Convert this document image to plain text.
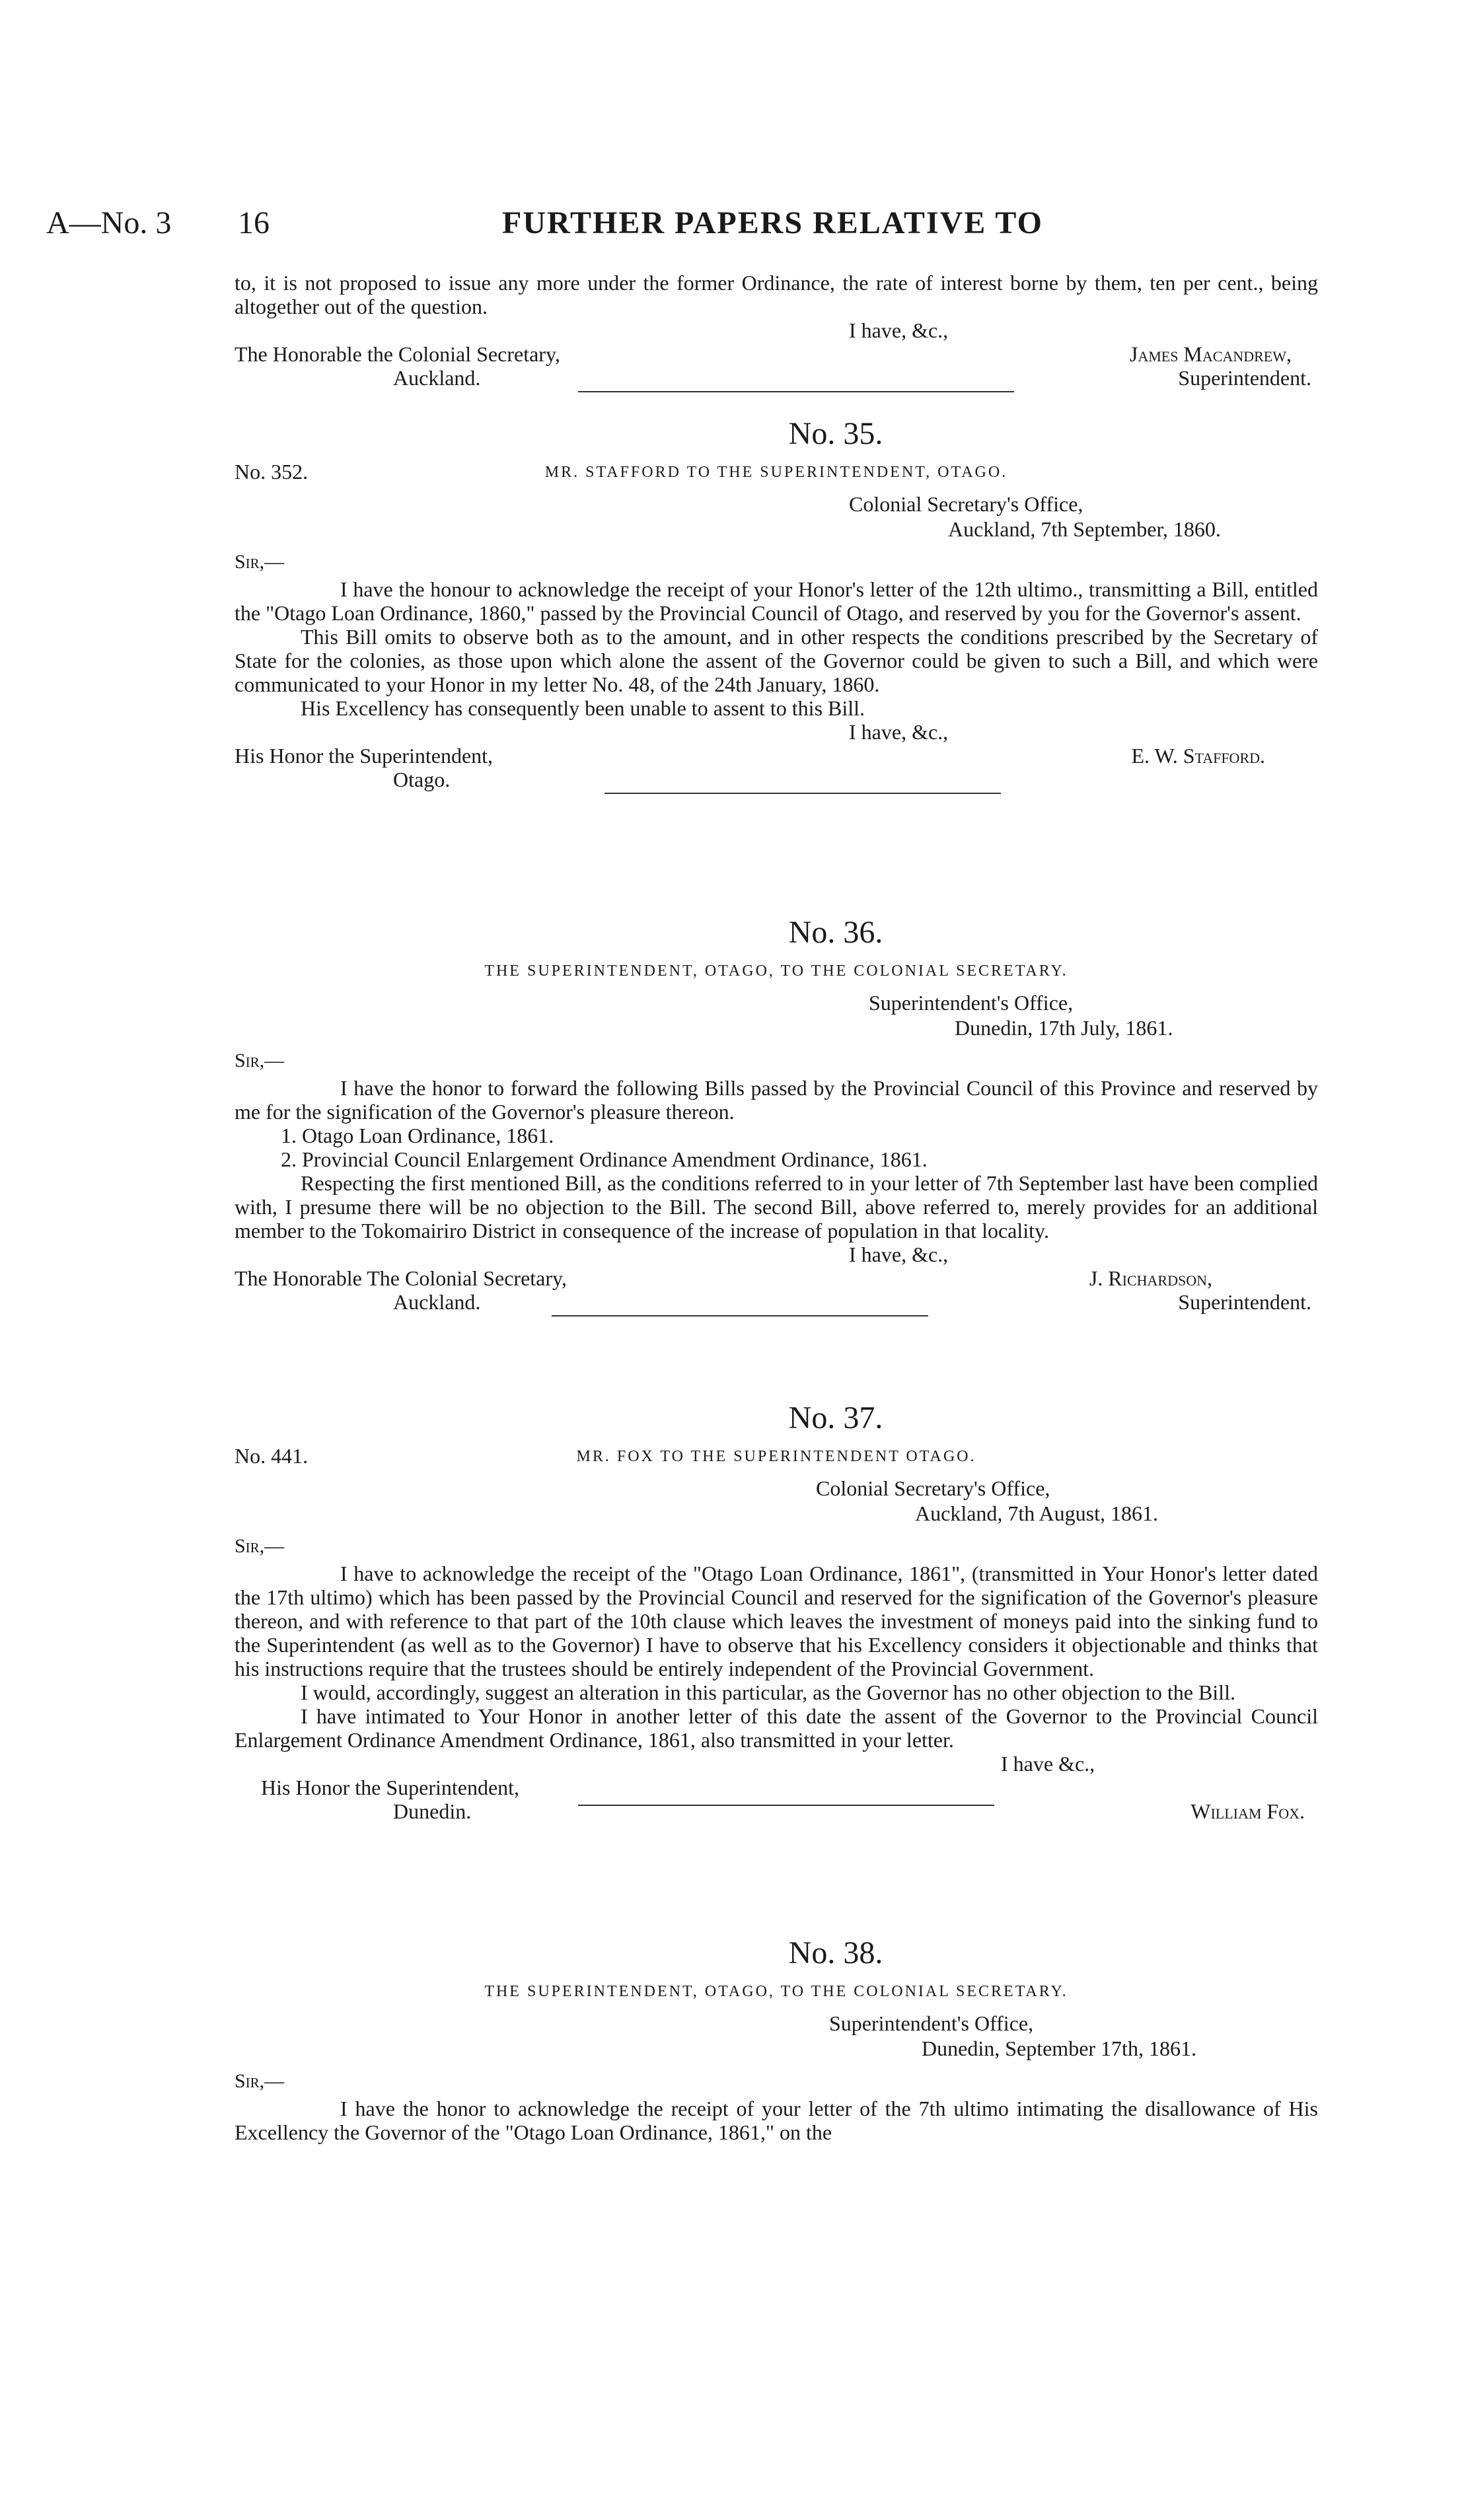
A—No. 3 16	FURTHER PAPERS RELATIVE TO

to, it is not proposed to issue any more under the former Ordinance, the rate of interest borne by them, ten per cent., being altogether out of the question.

I have, &c.,
The Honorable the Colonial Secretary,
Auckland.
James Macandrew,
Superintendent.
No. 35.
No. 352.	MR. STAFFORD TO THE SUPERINTENDENT, OTAGO.
Colonial Secretary's Office,
Auckland, 7th September, 1860.
Sir,—

I have the honour to acknowledge the receipt of your Honor's letter of the 12th ultimo., transmitting a Bill, entitled the "Otago Loan Ordinance, 1860," passed by the Provincial Council of Otago, and reserved by you for the Governor's assent.

This Bill omits to observe both as to the amount, and in other respects the conditions prescribed by the Secretary of State for the colonies, as those upon which alone the assent of the Governor could be given to such a Bill, and which were communicated to your Honor in my letter No. 48, of the 24th January, 1860.

His Excellency has consequently been unable to assent to this Bill.

I have, &c.,
His Honor the Superintendent,
Otago.
E. W. Stafford.
No. 36.
THE SUPERINTENDENT, OTAGO, TO THE COLONIAL SECRETARY.
Superintendent's Office,
Dunedin, 17th July, 1861.
Sir,—

I have the honor to forward the following Bills passed by the Provincial Council of this Province and reserved by me for the signification of the Governor's pleasure thereon.

1. Otago Loan Ordinance, 1861.
2. Provincial Council Enlargement Ordinance Amendment Ordinance, 1861.

Respecting the first mentioned Bill, as the conditions referred to in your letter of 7th September last have been complied with, I presume there will be no objection to the Bill. The second Bill, above referred to, merely provides for an additional member to the Tokomairiro District in consequence of the increase of population in that locality.

I have, &c.,
The Honorable The Colonial Secretary,
Auckland.
J. Richardson,
Superintendent.
No. 37.
No. 441.	MR. FOX TO THE SUPERINTENDENT OTAGO.
Colonial Secretary's Office,
Auckland, 7th August, 1861.
Sir,—

I have to acknowledge the receipt of the "Otago Loan Ordinance, 1861", (transmitted in Your Honor's letter dated the 17th ultimo) which has been passed by the Provincial Council and reserved for the signification of the Governor's pleasure thereon, and with reference to that part of the 10th clause which leaves the investment of moneys paid into the sinking fund to the Superintendent (as well as to the Governor) I have to observe that his Excellency considers it objectionable and thinks that his instructions require that the trustees should be entirely independent of the Provincial Government.

I would, accordingly, suggest an alteration in this particular, as the Governor has no other objection to the Bill.

I have intimated to Your Honor in another letter of this date the assent of the Governor to the Provincial Council Enlargement Ordinance Amendment Ordinance, 1861, also transmitted in your letter.

I have &c.,
His Honor the Superintendent,
Dunedin.	William Fox.
No. 38.
THE SUPERINTENDENT, OTAGO, TO THE COLONIAL SECRETARY.
Superintendent's Office,
Dunedin, September 17th, 1861.
Sir,—

I have the honor to acknowledge the receipt of your letter of the 7th ultimo intimating the disallowance of His Excellency the Governor of the "Otago Loan Ordinance, 1861," on the
